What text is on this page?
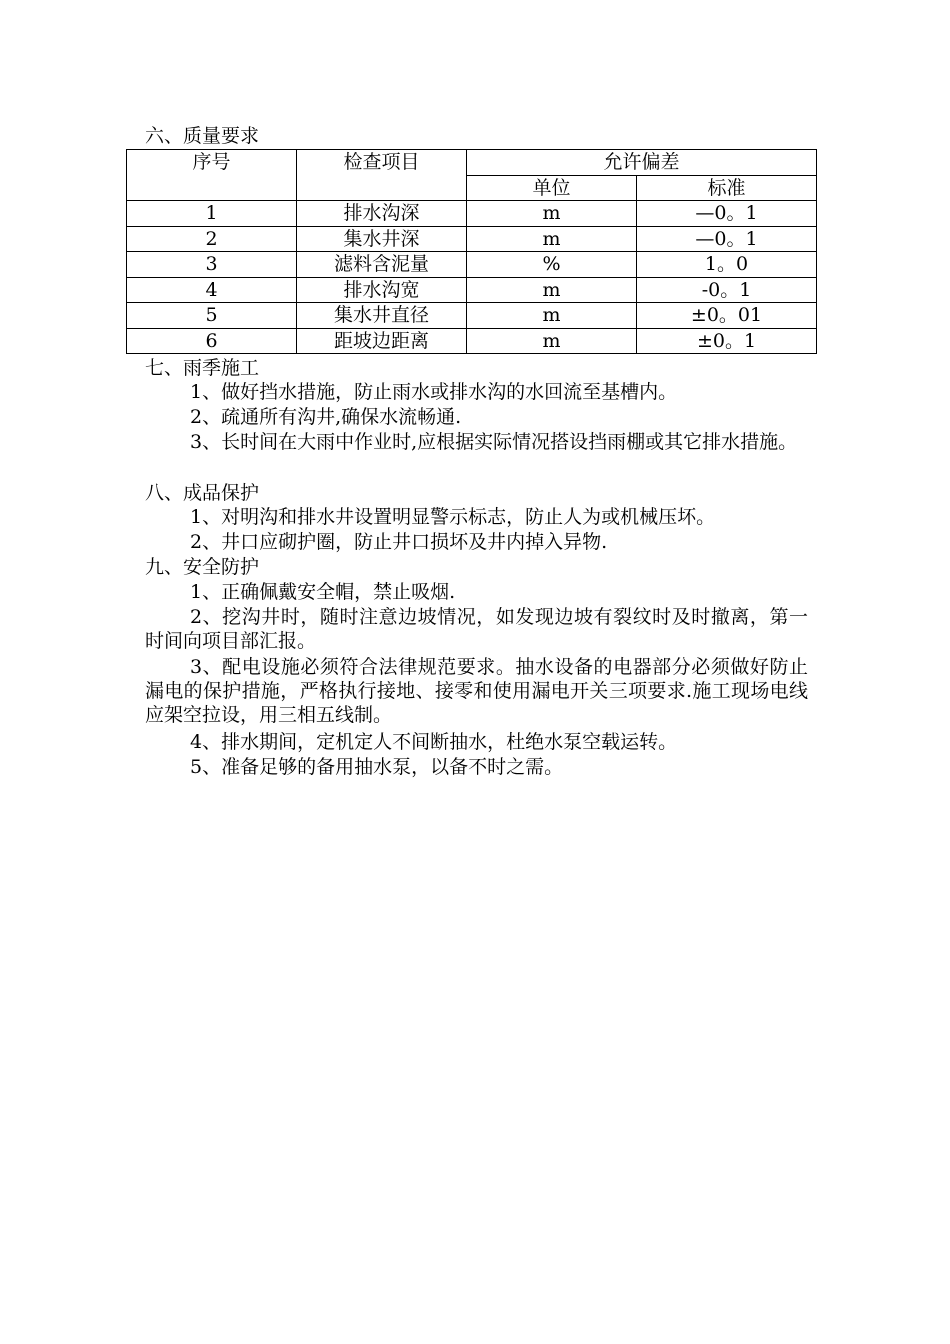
六、质量要求
序号	检查项目	允许偏差	
		单位	标准
1	排水沟深	m	—0。1
2	集水井深	m	—0。1
3	滤料含泥量	%	1。0
4	排水沟宽	m	-0。1
5	集水井直径	m	±0。01
6	距坡边距离	m	±0。1
七、雨季施工
1、做好挡水措施，防止雨水或排水沟的水回流至基槽内。
2、疏通所有沟井,确保水流畅通.
3、长时间在大雨中作业时,应根据实际情况搭设挡雨棚或其它排水措施。
八、成品保护
1、对明沟和排水井设置明显警示标志，防止人为或机械压坏。
2、井口应砌护圈，防止井口损坏及井内掉入异物.
九、安全防护
1、正确佩戴安全帽，禁止吸烟.
2、挖沟井时，随时注意边坡情况，如发现边坡有裂纹时及时撤离，第一时间向项目部汇报。
3、配电设施必须符合法律规范要求。抽水设备的电器部分必须做好防止漏电的保护措施，严格执行接地、接零和使用漏电开关三项要求.施工现场电线应架空拉设，用三相五线制。
4、排水期间，定机定人不间断抽水，杜绝水泵空载运转。
5、准备足够的备用抽水泵，以备不时之需。
